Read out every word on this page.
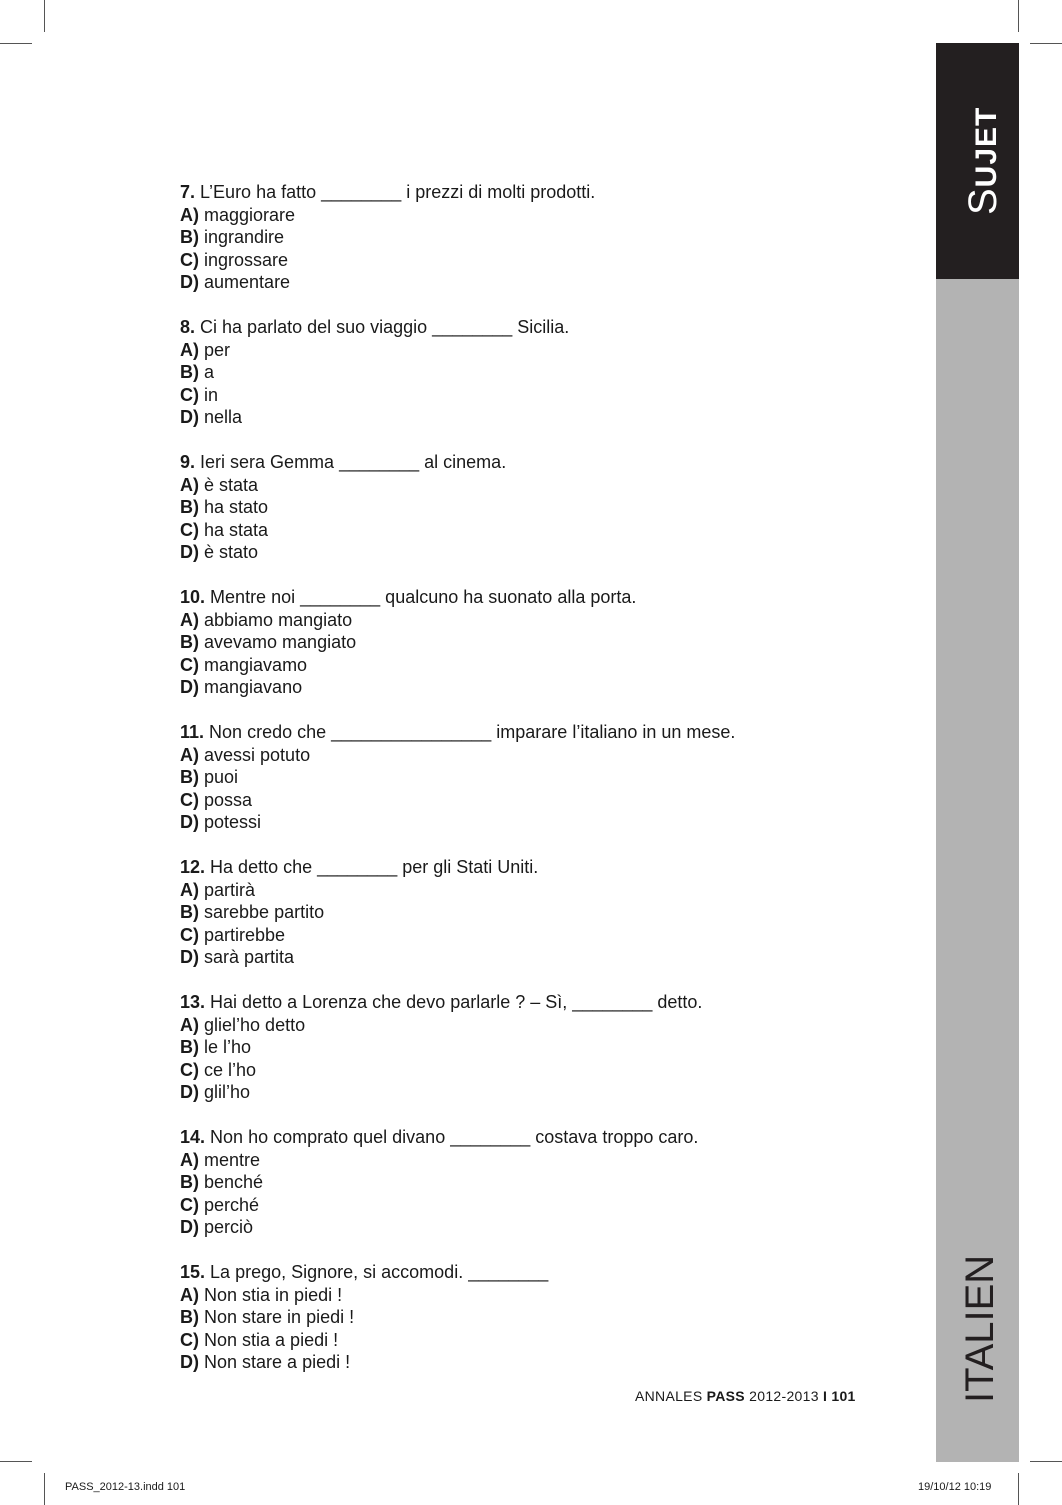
SUJET
ITALIEN
7. L’Euro ha fatto ________ i prezzi di molti prodotti.
A) maggiorare
B) ingrandire
C) ingrossare
D) aumentare
8. Ci ha parlato del suo viaggio ________ Sicilia.
A) per
B) a
C) in
D) nella
9. Ieri sera Gemma ________ al cinema.
A) è stata
B) ha stato
C) ha stata
D) è stato
10. Mentre noi ________ qualcuno ha suonato alla porta.
A) abbiamo mangiato
B) avevamo mangiato
C) mangiavamo
D) mangiavano
11. Non credo che ________________ imparare l’italiano in un mese.
A) avessi potuto
B) puoi
C) possa
D) potessi
12. Ha detto che ________ per gli Stati Uniti.
A) partirà
B) sarebbe partito
C) partirebbe
D) sarà partita
13. Hai detto a Lorenza che devo parlarle ? – Sì, ________ detto.
A) gliel’ho detto
B) le l’ho
C) ce l’ho
D) glil’ho
14. Non ho comprato quel divano ________ costava troppo caro.
A) mentre
B) benché
C) perché
D) perciò
15. La prego, Signore, si accomodi. ________
A) Non stia in piedi !
B) Non stare in piedi !
C) Non stia a piedi !
D) Non stare a piedi !
ANNALES PASS 2012-2013 I 101
PASS_2012-13.indd 101	19/10/12 10:19
